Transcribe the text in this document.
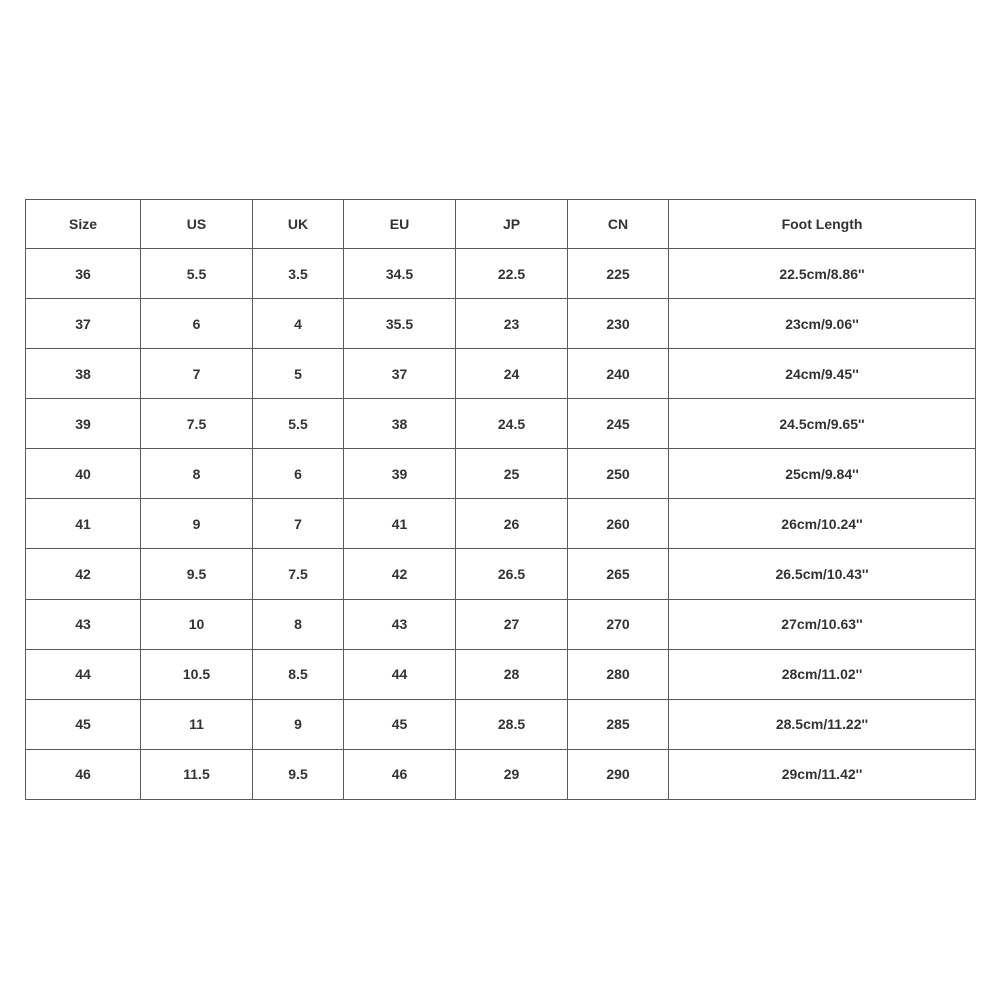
Size	US	UK	EU	JP	CN	Foot Length
36	5.5	3.5	34.5	22.5	225	22.5cm/8.86''
37	6	4	35.5	23	230	23cm/9.06''
38	7	5	37	24	240	24cm/9.45''
39	7.5	5.5	38	24.5	245	24.5cm/9.65''
40	8	6	39	25	250	25cm/9.84''
41	9	7	41	26	260	26cm/10.24''
42	9.5	7.5	42	26.5	265	26.5cm/10.43''
43	10	8	43	27	270	27cm/10.63''
44	10.5	8.5	44	28	280	28cm/11.02''
45	11	9	45	28.5	285	28.5cm/11.22''
46	11.5	9.5	46	29	290	29cm/11.42''
